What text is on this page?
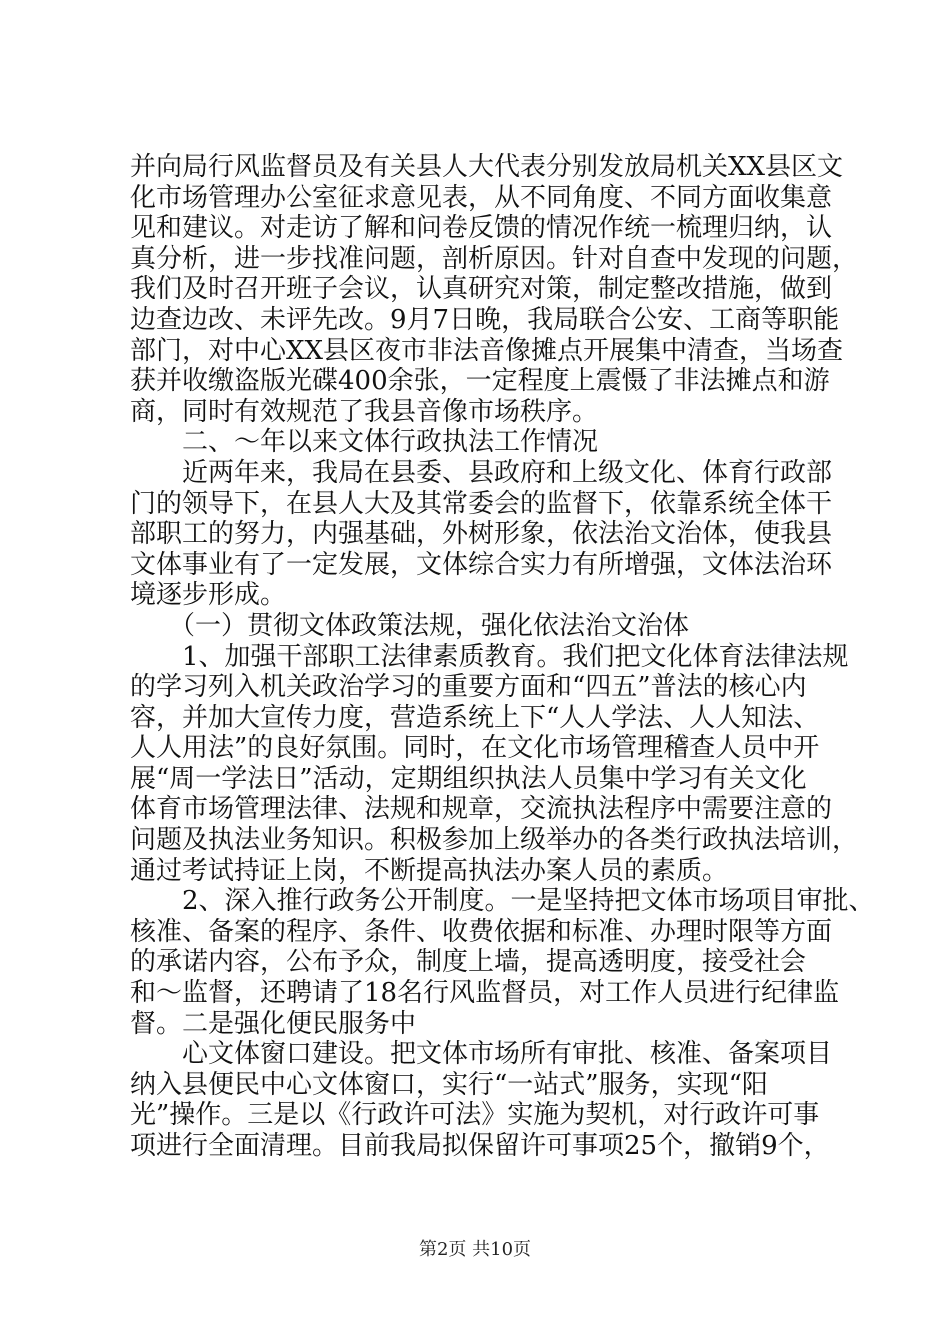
并向局行风监督员及有关县人大代表分别发放局机关XX县区文
化市场管理办公室征求意见表，从不同角度、不同方面收集意
见和建议。对走访了解和问卷反馈的情况作统一梳理归纳，认
真分析，进一步找准问题，剖析原因。针对自查中发现的问题，
我们及时召开班子会议，认真研究对策，制定整改措施，做到
边查边改、未评先改。9月7日晚，我局联合公安、工商等职能
部门，对中心XX县区夜市非法音像摊点开展集中清查，当场查
获并收缴盗版光碟400余张，一定程度上震慑了非法摊点和游
商，同时有效规范了我县音像市场秩序。
　　二、～年以来文体行政执法工作情况
　　近两年来，我局在县委、县政府和上级文化、体育行政部
门的领导下，在县人大及其常委会的监督下，依靠系统全体干
部职工的努力，内强基础，外树形象，依法治文治体，使我县
文体事业有了一定发展，文体综合实力有所增强，文体法治环
境逐步形成。
　　（一）贯彻文体政策法规，强化依法治文治体
　　1、加强干部职工法律素质教育。我们把文化体育法律法规
的学习列入机关政治学习的重要方面和“四五”普法的核心内
容，并加大宣传力度，营造系统上下“人人学法、人人知法、
人人用法”的良好氛围。同时，在文化市场管理稽查人员中开
展“周一学法日”活动，定期组织执法人员集中学习有关文化
体育市场管理法律、法规和规章，交流执法程序中需要注意的
问题及执法业务知识。积极参加上级举办的各类行政执法培训，
通过考试持证上岗，不断提高执法办案人员的素质。
　　2、深入推行政务公开制度。一是坚持把文体市场项目审批、
核准、备案的程序、条件、收费依据和标准、办理时限等方面
的承诺内容，公布予众，制度上墙，提高透明度，接受社会
和～监督，还聘请了18名行风监督员，对工作人员进行纪律监
督。二是强化便民服务中
　　心文体窗口建设。把文体市场所有审批、核准、备案项目
纳入县便民中心文体窗口，实行“一站式”服务，实现“阳
光”操作。三是以《行政许可法》实施为契机，对行政许可事
项进行全面清理。目前我局拟保留许可事项25个，撤销9个，
第2页 共10页
